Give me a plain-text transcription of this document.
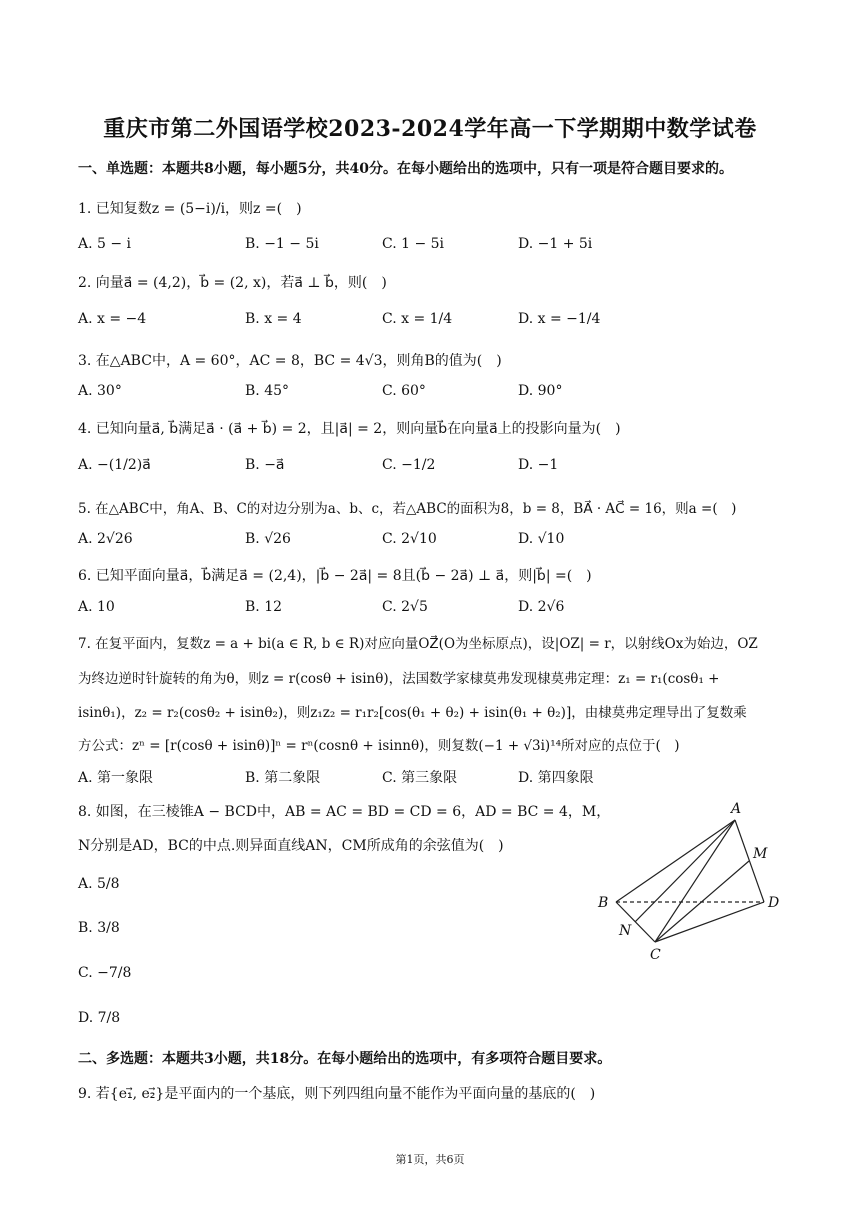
重庆市第二外国语学校2023-2024学年高一下学期期中数学试卷
一、单选题：本题共8小题，每小题5分，共40分。在每小题给出的选项中，只有一项是符合题目要求的。
1. 已知复数z = (5−i)/i，则z =(　)
A. 5 − i	B. −1 − 5i	C. 1 − 5i	D. −1 + 5i
2. 向量a⃗ = (4,2)，b⃗ = (2, x)，若a⃗ ⊥ b⃗，则(　)
A. x = −4	B. x = 4	C. x = 1/4	D. x = −1/4
3. 在△ABC中，A = 60°，AC = 8，BC = 4√3，则角B的值为(　)
A. 30°	B. 45°	C. 60°	D. 90°
4. 已知向量a⃗, b⃗满足a⃗ · (a⃗ + b⃗) = 2，且|a⃗| = 2，则向量b⃗在向量a⃗上的投影向量为(　)
A. −(1/2)a⃗	B. −a⃗	C. −1/2	D. −1
5. 在△ABC中，角A、B、C的对边分别为a、b、c，若△ABC的面积为8，b = 8，BA⃗ · AC⃗ = 16，则a =(　)
A. 2√26	B. √26	C. 2√10	D. √10
6. 已知平面向量a⃗，b⃗满足a⃗ = (2,4)，|b⃗ − 2a⃗| = 8且(b⃗ − 2a⃗) ⊥ a⃗，则|b⃗| =(　)
A. 10	B. 12	C. 2√5	D. 2√6
7. 在复平面内，复数z = a + bi(a ∈ R, b ∈ R)对应向量OZ⃗(O为坐标原点)，设|OZ| = r，以射线Ox为始边，OZ
为终边逆时针旋转的角为θ，则z = r(cosθ + isinθ)，法国数学家棣莫弗发现棣莫弗定理：z₁ = r₁(cosθ₁ +
isinθ₁)，z₂ = r₂(cosθ₂ + isinθ₂)，则z₁z₂ = r₁r₂[cos(θ₁ + θ₂) + isin(θ₁ + θ₂)]，由棣莫弗定理导出了复数乘
方公式：zⁿ = [r(cosθ + isinθ)]ⁿ = rⁿ(cosnθ + isinnθ)，则复数(−1 + √3i)¹⁴所对应的点位于(　)
A. 第一象限	B. 第二象限	C. 第三象限	D. 第四象限
8. 如图，在三棱锥A − BCD中，AB = AC = BD = CD = 6，AD = BC = 4，M，
N分别是AD，BC的中点.则异面直线AN，CM所成角的余弦值为(　)
A. 5/8
B. 3/8
C. −7/8
D. 7/8
A
B
C
D
M
N
二、多选题：本题共3小题，共18分。在每小题给出的选项中，有多项符合题目要求。
9. 若{e₁⃗, e₂⃗}是平面内的一个基底，则下列四组向量不能作为平面向量的基底的(　)
第1页，共6页
